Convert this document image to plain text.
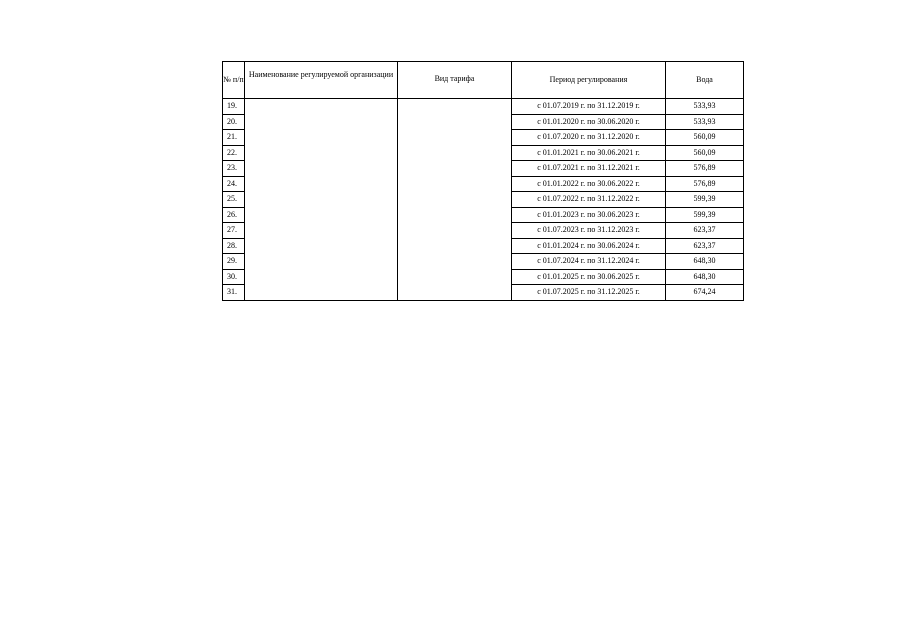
№ п/п	Наименование регулируемой организации	Вид тарифа	Период регулирования	Вода
19.			с 01.07.2019 г. по 31.12.2019 г.	533,93
20.			с 01.01.2020 г. по 30.06.2020 г.	533,93
21.			с 01.07.2020 г. по 31.12.2020 г.	560,09
22.			с 01.01.2021 г. по 30.06.2021 г.	560,09
23.			с 01.07.2021 г. по 31.12.2021 г.	576,89
24.			с 01.01.2022 г. по 30.06.2022 г.	576,89
25.			с 01.07.2022 г. по 31.12.2022 г.	599,39
26.			с 01.01.2023 г. по 30.06.2023 г.	599,39
27.			с 01.07.2023 г. по 31.12.2023 г.	623,37
28.			с 01.01.2024 г. по 30.06.2024 г.	623,37
29.			с 01.07.2024 г. по 31.12.2024 г.	648,30
30.			с 01.01.2025 г. по 30.06.2025 г.	648,30
31.			с 01.07.2025 г. по 31.12.2025 г.	674,24
